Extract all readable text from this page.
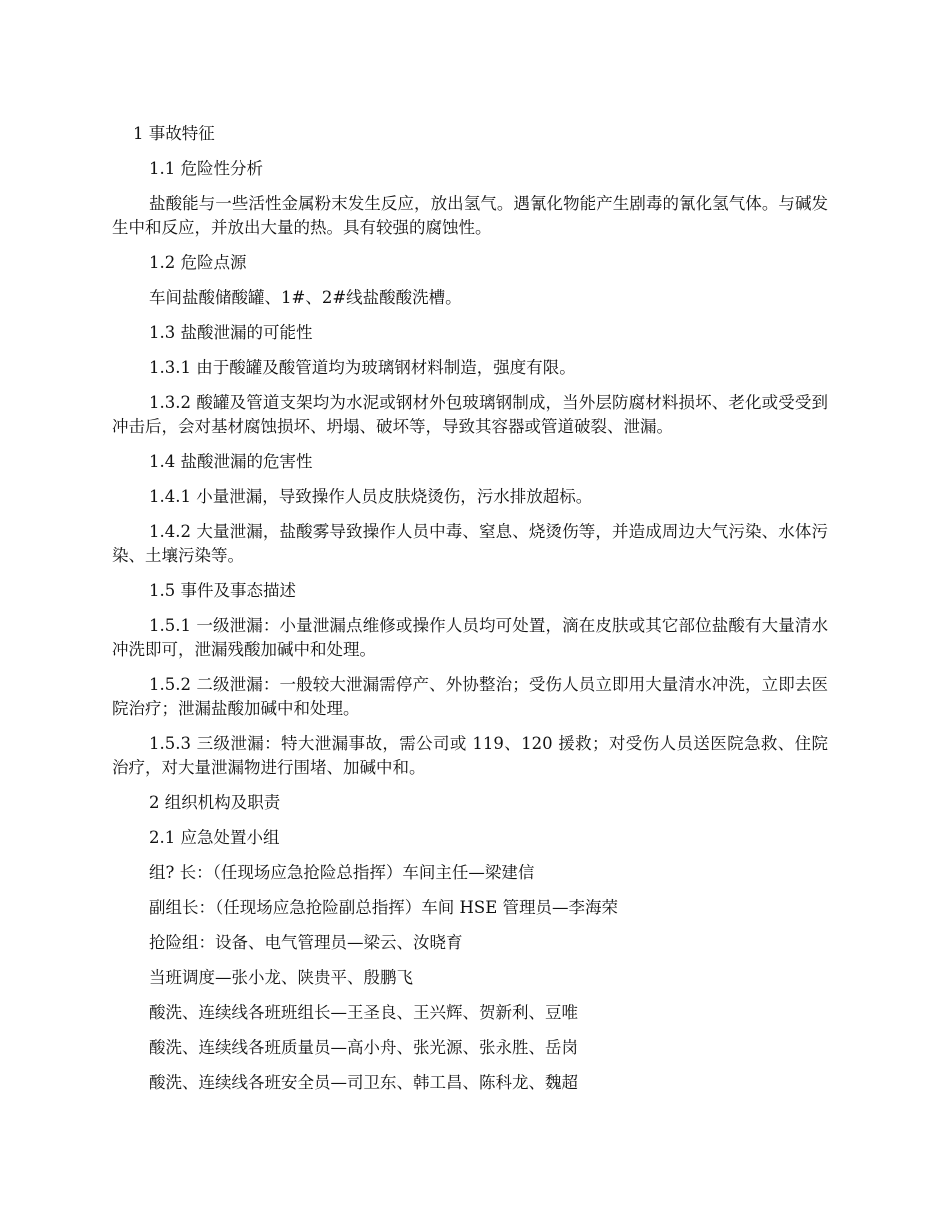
1 事故特征

1.1 危险性分析

盐酸能与一些活性金属粉末发生反应，放出氢气。遇氰化物能产生剧毒的氰化氢气体。与碱发生中和反应，并放出大量的热。具有较强的腐蚀性。

1.2 危险点源

车间盐酸储酸罐、1#、2#线盐酸酸洗槽。

1.3 盐酸泄漏的可能性

1.3.1 由于酸罐及酸管道均为玻璃钢材料制造，强度有限。

1.3.2 酸罐及管道支架均为水泥或钢材外包玻璃钢制成，当外层防腐材料损坏、老化或受受到冲击后，会对基材腐蚀损坏、坍塌、破坏等，导致其容器或管道破裂、泄漏。

1.4 盐酸泄漏的危害性

1.4.1 小量泄漏，导致操作人员皮肤烧烫伤，污水排放超标。

1.4.2 大量泄漏，盐酸雾导致操作人员中毒、窒息、烧烫伤等，并造成周边大气污染、水体污染、土壤污染等。

1.5 事件及事态描述

1.5.1 一级泄漏：小量泄漏点维修或操作人员均可处置，滴在皮肤或其它部位盐酸有大量清水冲洗即可，泄漏残酸加碱中和处理。

1.5.2 二级泄漏：一般较大泄漏需停产、外协整治；受伤人员立即用大量清水冲洗，立即去医院治疗；泄漏盐酸加碱中和处理。

1.5.3 三级泄漏：特大泄漏事故，需公司或 119、120 援救；对受伤人员送医院急救、住院治疗，对大量泄漏物进行围堵、加碱中和。

2 组织机构及职责

2.1 应急处置小组

组? 长：（任现场应急抢险总指挥）车间主任—梁建信

副组长：（任现场应急抢险副总指挥）车间 HSE 管理员—李海荣

抢险组：设备、电气管理员—梁云、汝晓育

当班调度—张小龙、陕贵平、殷鹏飞

酸洗、连续线各班班组长—王圣良、王兴辉、贺新利、豆唯

酸洗、连续线各班质量员—高小舟、张光源、张永胜、岳岗

酸洗、连续线各班安全员—司卫东、韩工昌、陈科龙、魏超
